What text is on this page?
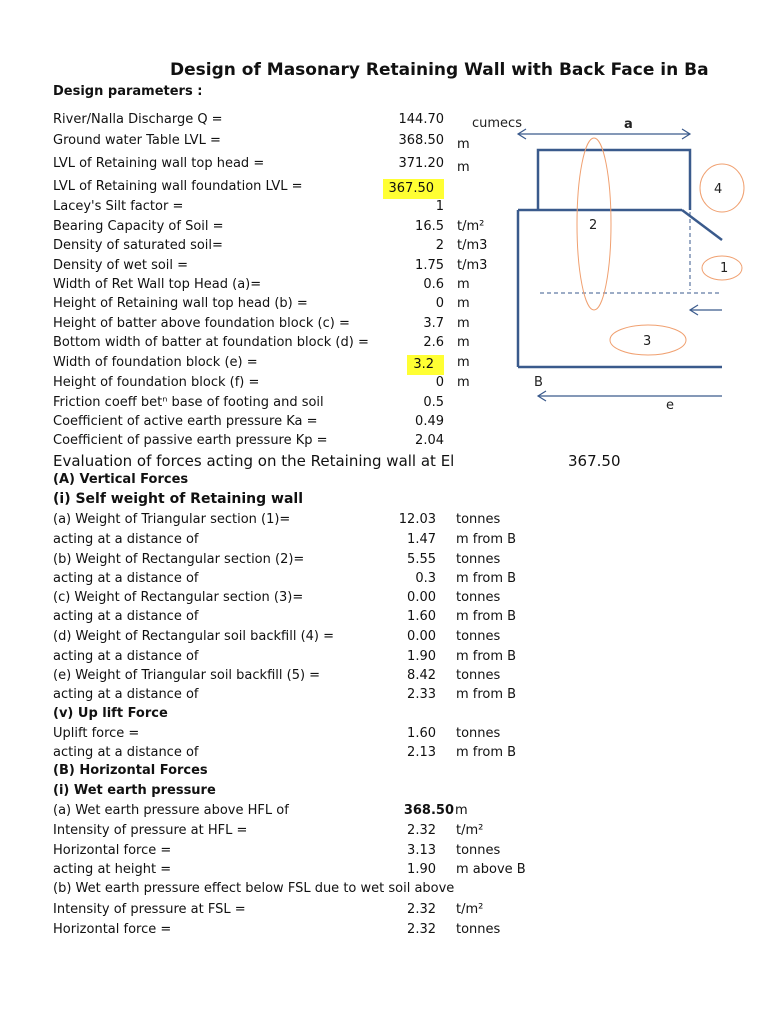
Design of Masonary Retaining Wall with Back Face in Ba
Design parameters :
River/Nalla Discharge Q =	144.70
Ground water Table LVL =	368.50 m
LVL of Retaining wall top head =	371.20 m
LVL of Retaining wall foundation LVL =	367.50
Lacey's Silt factor =	1
Bearing Capacity of Soil =	16.5 t/m²
Density of saturated soil=	2 t/m3
Density of wet soil =	1.75 t/m3
Width of Ret Wall top Head (a)=	0.6 m
Height of Retaining wall top head (b) =	0 m
Height of batter above foundation block (c) =	3.7 m
Bottom width of batter at foundation block (d) =	2.6 m
Width of foundation block (e) =	3.2	m
Height of foundation block (f) =	0 m
Friction coeff betⁿ base of footing and soil	0.5
Coefficient of active earth pressure Ka =	0.49
Coefficient of passive earth pressure Kp =	2.04
Evaluation of forces acting on the Retaining wall at El	367.50
(A) Vertical Forces
(i) Self weight of Retaining wall
(a) Weight of Triangular section (1)=	12.03 tonnes
acting at a distance of	1.47 m from B
(b) Weight of Rectangular section (2)=	5.55 tonnes
acting at a distance of	0.3 m from B
(c) Weight of Rectangular section (3)=	0.00 tonnes
acting at a distance of	1.60 m from B
(d) Weight of Rectangular soil backfill (4) =	0.00 tonnes
acting at a distance of	1.90 m from B
(e) Weight of Triangular soil backfill (5) =	8.42 tonnes
acting at a distance of	2.33 m from B
(v) Up lift Force
Uplift force =	1.60 tonnes
acting at a distance of	2.13 m from B
(B) Horizontal Forces
(i) Wet earth pressure
(a) Wet earth pressure above HFL of	368.50 m
Intensity of pressure at HFL =	2.32 t/m²
Horizontal force =	3.13 tonnes
acting at height =	1.90 m above B
(b) Wet earth pressure effect below FSL due to wet soil above
Intensity of pressure at FSL =	2.32 t/m²
Horizontal force =	2.32 tonnes
cumecs	a
2
3
4
1
B
e
